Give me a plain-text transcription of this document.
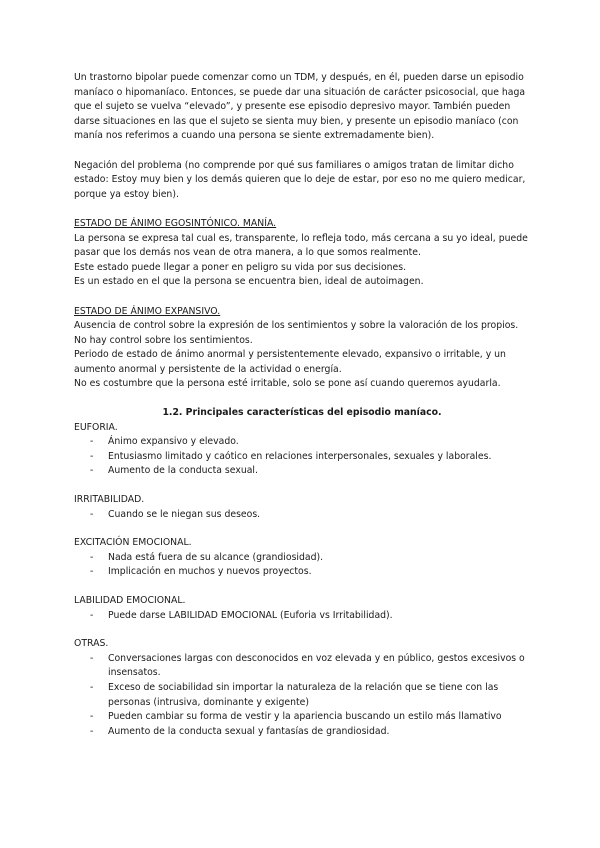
Un trastorno bipolar puede comenzar como un TDM, y después, en él, pueden darse un episodio maníaco o hipomaníaco. Entonces, se puede dar una situación de carácter psicosocial, que haga que el sujeto se vuelva “elevado”, y presente ese episodio depresivo mayor. También pueden darse situaciones en las que el sujeto se sienta muy bien, y presente un episodio maníaco (con manía nos referimos a cuando una persona se siente extremadamente bien).

Negación del problema (no comprende por qué sus familiares o amigos tratan de limitar dicho estado: Estoy muy bien y los demás quieren que lo deje de estar, por eso no me quiero medicar, porque ya estoy bien).

ESTADO DE ÁNIMO EGOSINTÓNICO. MANÍA.

La persona se expresa tal cual es, transparente, lo refleja todo, más cercana a su yo ideal, puede pasar que los demás nos vean de otra manera, a lo que somos realmente.

Este estado puede llegar a poner en peligro su vida por sus decisiones.

Es un estado en el que la persona se encuentra bien, ideal de autoimagen.

ESTADO DE ÁNIMO EXPANSIVO.

Ausencia de control sobre la expresión de los sentimientos y sobre la valoración de los propios. No hay control sobre los sentimientos.

Periodo de estado de ánimo anormal y persistentemente elevado, expansivo o irritable, y un aumento anormal y persistente de la actividad o energía.

No es costumbre que la persona esté irritable, solo se pone así cuando queremos ayudarla.

1.2. Principales características del episodio maníaco.

EUFORIA.

- Ánimo expansivo y elevado.
- Entusiasmo limitado y caótico en relaciones interpersonales, sexuales y laborales.
- Aumento de la conducta sexual.

IRRITABILIDAD.

- Cuando se le niegan sus deseos.

EXCITACIÓN EMOCIONAL.

- Nada está fuera de su alcance (grandiosidad).
- Implicación en muchos y nuevos proyectos.

LABILIDAD EMOCIONAL.

- Puede darse LABILIDAD EMOCIONAL (Euforia vs Irritabilidad).

OTRAS.

- Conversaciones largas con desconocidos en voz elevada y en público, gestos excesivos o insensatos.
- Exceso de sociabilidad sin importar la naturaleza de la relación que se tiene con las personas (intrusiva, dominante y exigente)
- Pueden cambiar su forma de vestir y la apariencia buscando un estilo más llamativo
- Aumento de la conducta sexual y fantasías de grandiosidad.
